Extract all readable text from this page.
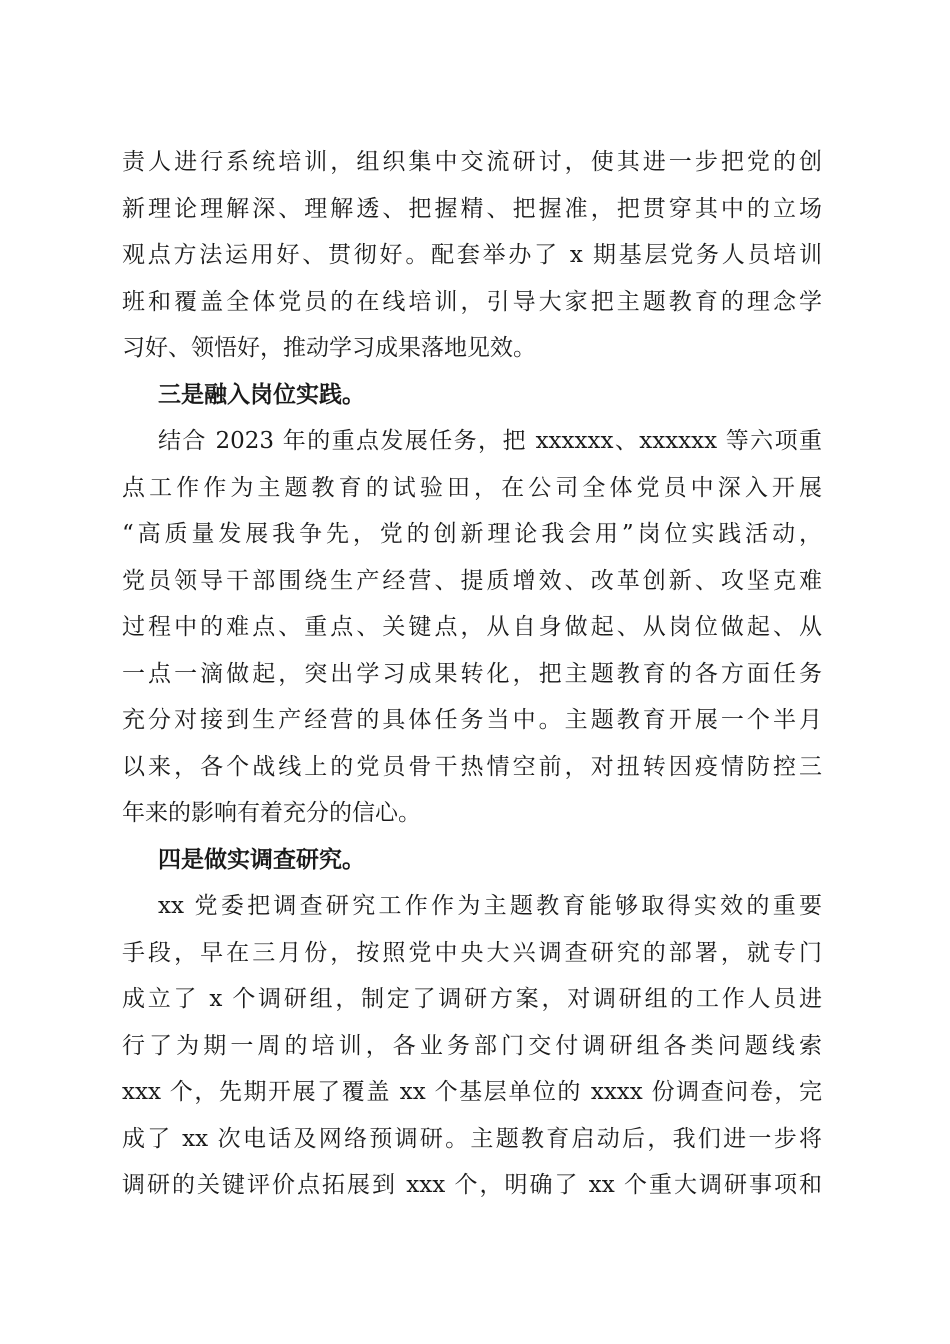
责人进行系统培训，组织集中交流研讨，使其进一步把党的创
新理论理解深、理解透、把握精、把握准，把贯穿其中的立场
观点方法运用好、贯彻好。配套举办了 x 期基层党务人员培训
班和覆盖全体党员的在线培训，引导大家把主题教育的理念学
习好、领悟好，推动学习成果落地见效。
三是融入岗位实践。
结合 2023 年的重点发展任务，把 xxxxxx、xxxxxx 等六项重
点工作作为主题教育的试验田，在公司全体党员中深入开展
“高质量发展我争先，党的创新理论我会用”岗位实践活动，
党员领导干部围绕生产经营、提质增效、改革创新、攻坚克难
过程中的难点、重点、关键点，从自身做起、从岗位做起、从
一点一滴做起，突出学习成果转化，把主题教育的各方面任务
充分对接到生产经营的具体任务当中。主题教育开展一个半月
以来，各个战线上的党员骨干热情空前，对扭转因疫情防控三
年来的影响有着充分的信心。
四是做实调查研究。
xx 党委把调查研究工作作为主题教育能够取得实效的重要
手段，早在三月份，按照党中央大兴调查研究的部署，就专门
成立了 x 个调研组，制定了调研方案，对调研组的工作人员进
行了为期一周的培训，各业务部门交付调研组各类问题线索
xxx 个，先期开展了覆盖 xx 个基层单位的 xxxx 份调查问卷，完
成了 xx 次电话及网络预调研。主题教育启动后，我们进一步将
调研的关键评价点拓展到 xxx 个，明确了 xx 个重大调研事项和
